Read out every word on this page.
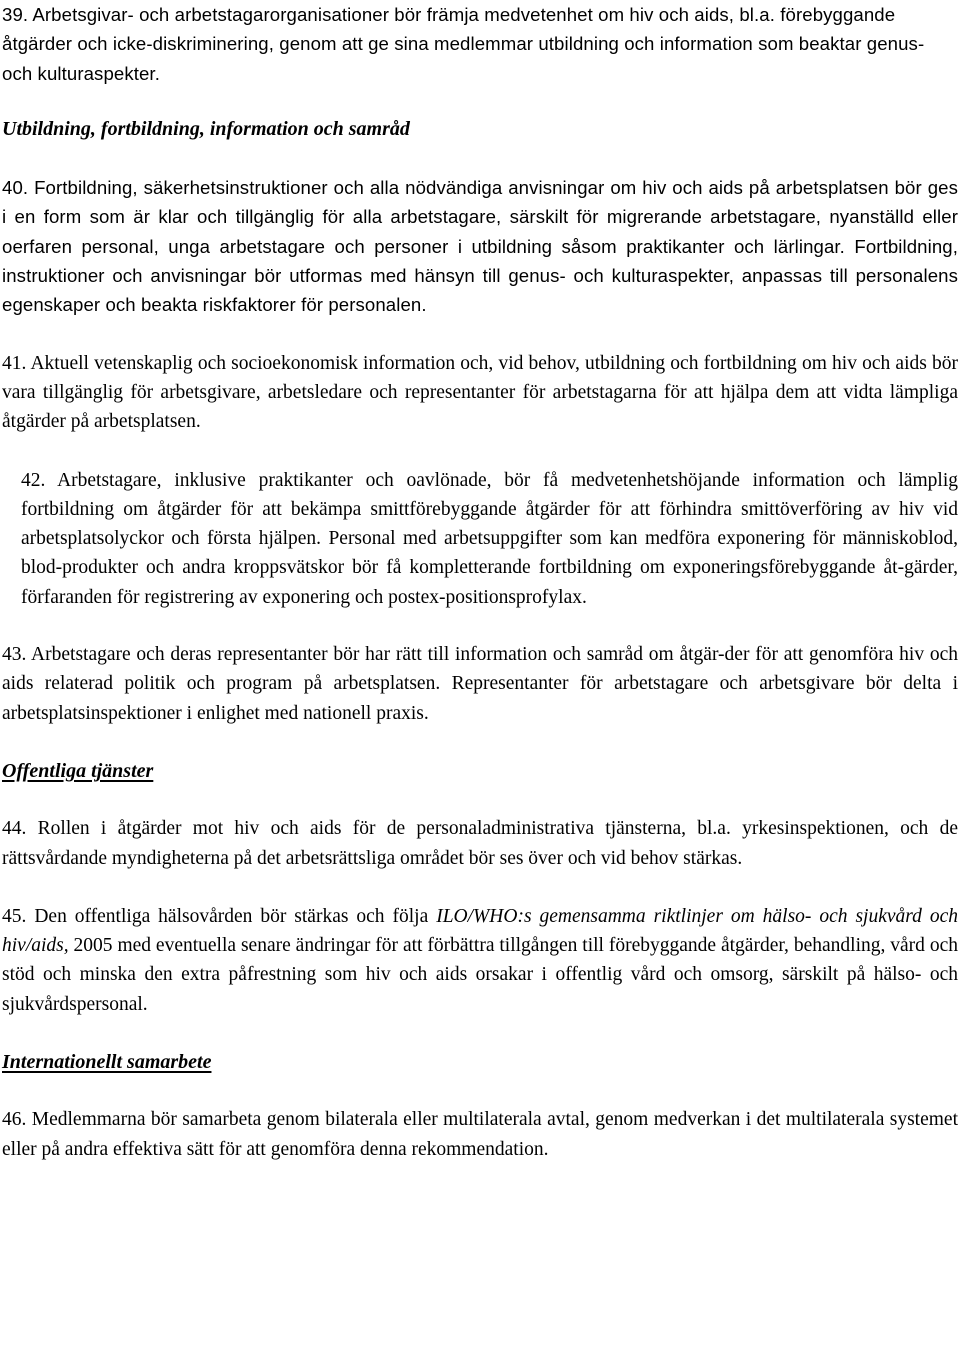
39. Arbetsgivar- och arbetstagarorganisationer bör främja medvetenhet om hiv och aids, bl.a. förebyggande åtgärder och icke-diskriminering, genom att ge sina medlemmar utbildning och information som beaktar genus- och kulturaspekter.

Utbildning, fortbildning, information och samråd

40. Fortbildning, säkerhetsinstruktioner och alla nödvändiga anvisningar om hiv och aids på arbetsplatsen bör ges i en form som är klar och tillgänglig för alla arbetstagare, särskilt för migrerande arbetstagare, nyanställd eller oerfaren personal, unga arbetstagare och personer i utbildning såsom praktikanter och lärlingar. Fortbildning, instruktioner och anvisningar bör utformas med hänsyn till genus- och kulturaspekter, anpassas till personalens egenskaper och beakta riskfaktorer för personalen.

41. Aktuell vetenskaplig och socioekonomisk information och, vid behov, utbildning och fortbildning om hiv och aids bör vara tillgänglig för arbetsgivare, arbetsledare och representanter för arbetstagarna för att hjälpa dem att vidta lämpliga åtgärder på arbetsplatsen.

42. Arbetstagare, inklusive praktikanter och oavlönade, bör få medvetenhetshöjande information och lämplig fortbildning om åtgärder för att bekämpa smittförebyggande åtgärder för att förhindra smittöverföring av hiv vid arbetsplatsolyckor och första hjälpen. Personal med arbetsuppgifter som kan medföra exponering för människoblod, blod-produkter och andra kroppsvätskor bör få kompletterande fortbildning om exponeringsförebyggande åt-gärder, förfaranden för registrering av exponering och postex-positionsprofylax.

43. Arbetstagare och deras representanter bör har rätt till information och samråd om åtgär-der för att genomföra hiv och aids relaterad politik och program på arbetsplatsen. Representanter för arbetstagare och arbetsgivare bör delta i arbetsplatsinspektioner i enlighet med nationell praxis.

Offentliga tjänster

44. Rollen i åtgärder mot hiv och aids för de personaladministrativa tjänsterna, bl.a. yrkesinspektionen, och de rättsvårdande myndigheterna på det arbetsrättsliga området bör ses över och vid behov stärkas.

45. Den offentliga hälsovården bör stärkas och följa ILO/WHO:s gemensamma riktlinjer om hälso- och sjukvård och hiv/aids, 2005 med eventuella senare ändringar för att förbättra tillgången till förebyggande åtgärder, behandling, vård och stöd och minska den extra påfrestning som hiv och aids orsakar i offentlig vård och omsorg, särskilt på hälso- och sjukvårdspersonal.

Internationellt samarbete

46. Medlemmarna bör samarbeta genom bilaterala eller multilaterala avtal, genom medverkan i det multilaterala systemet eller på andra effektiva sätt för att genomföra denna rekommendation.
